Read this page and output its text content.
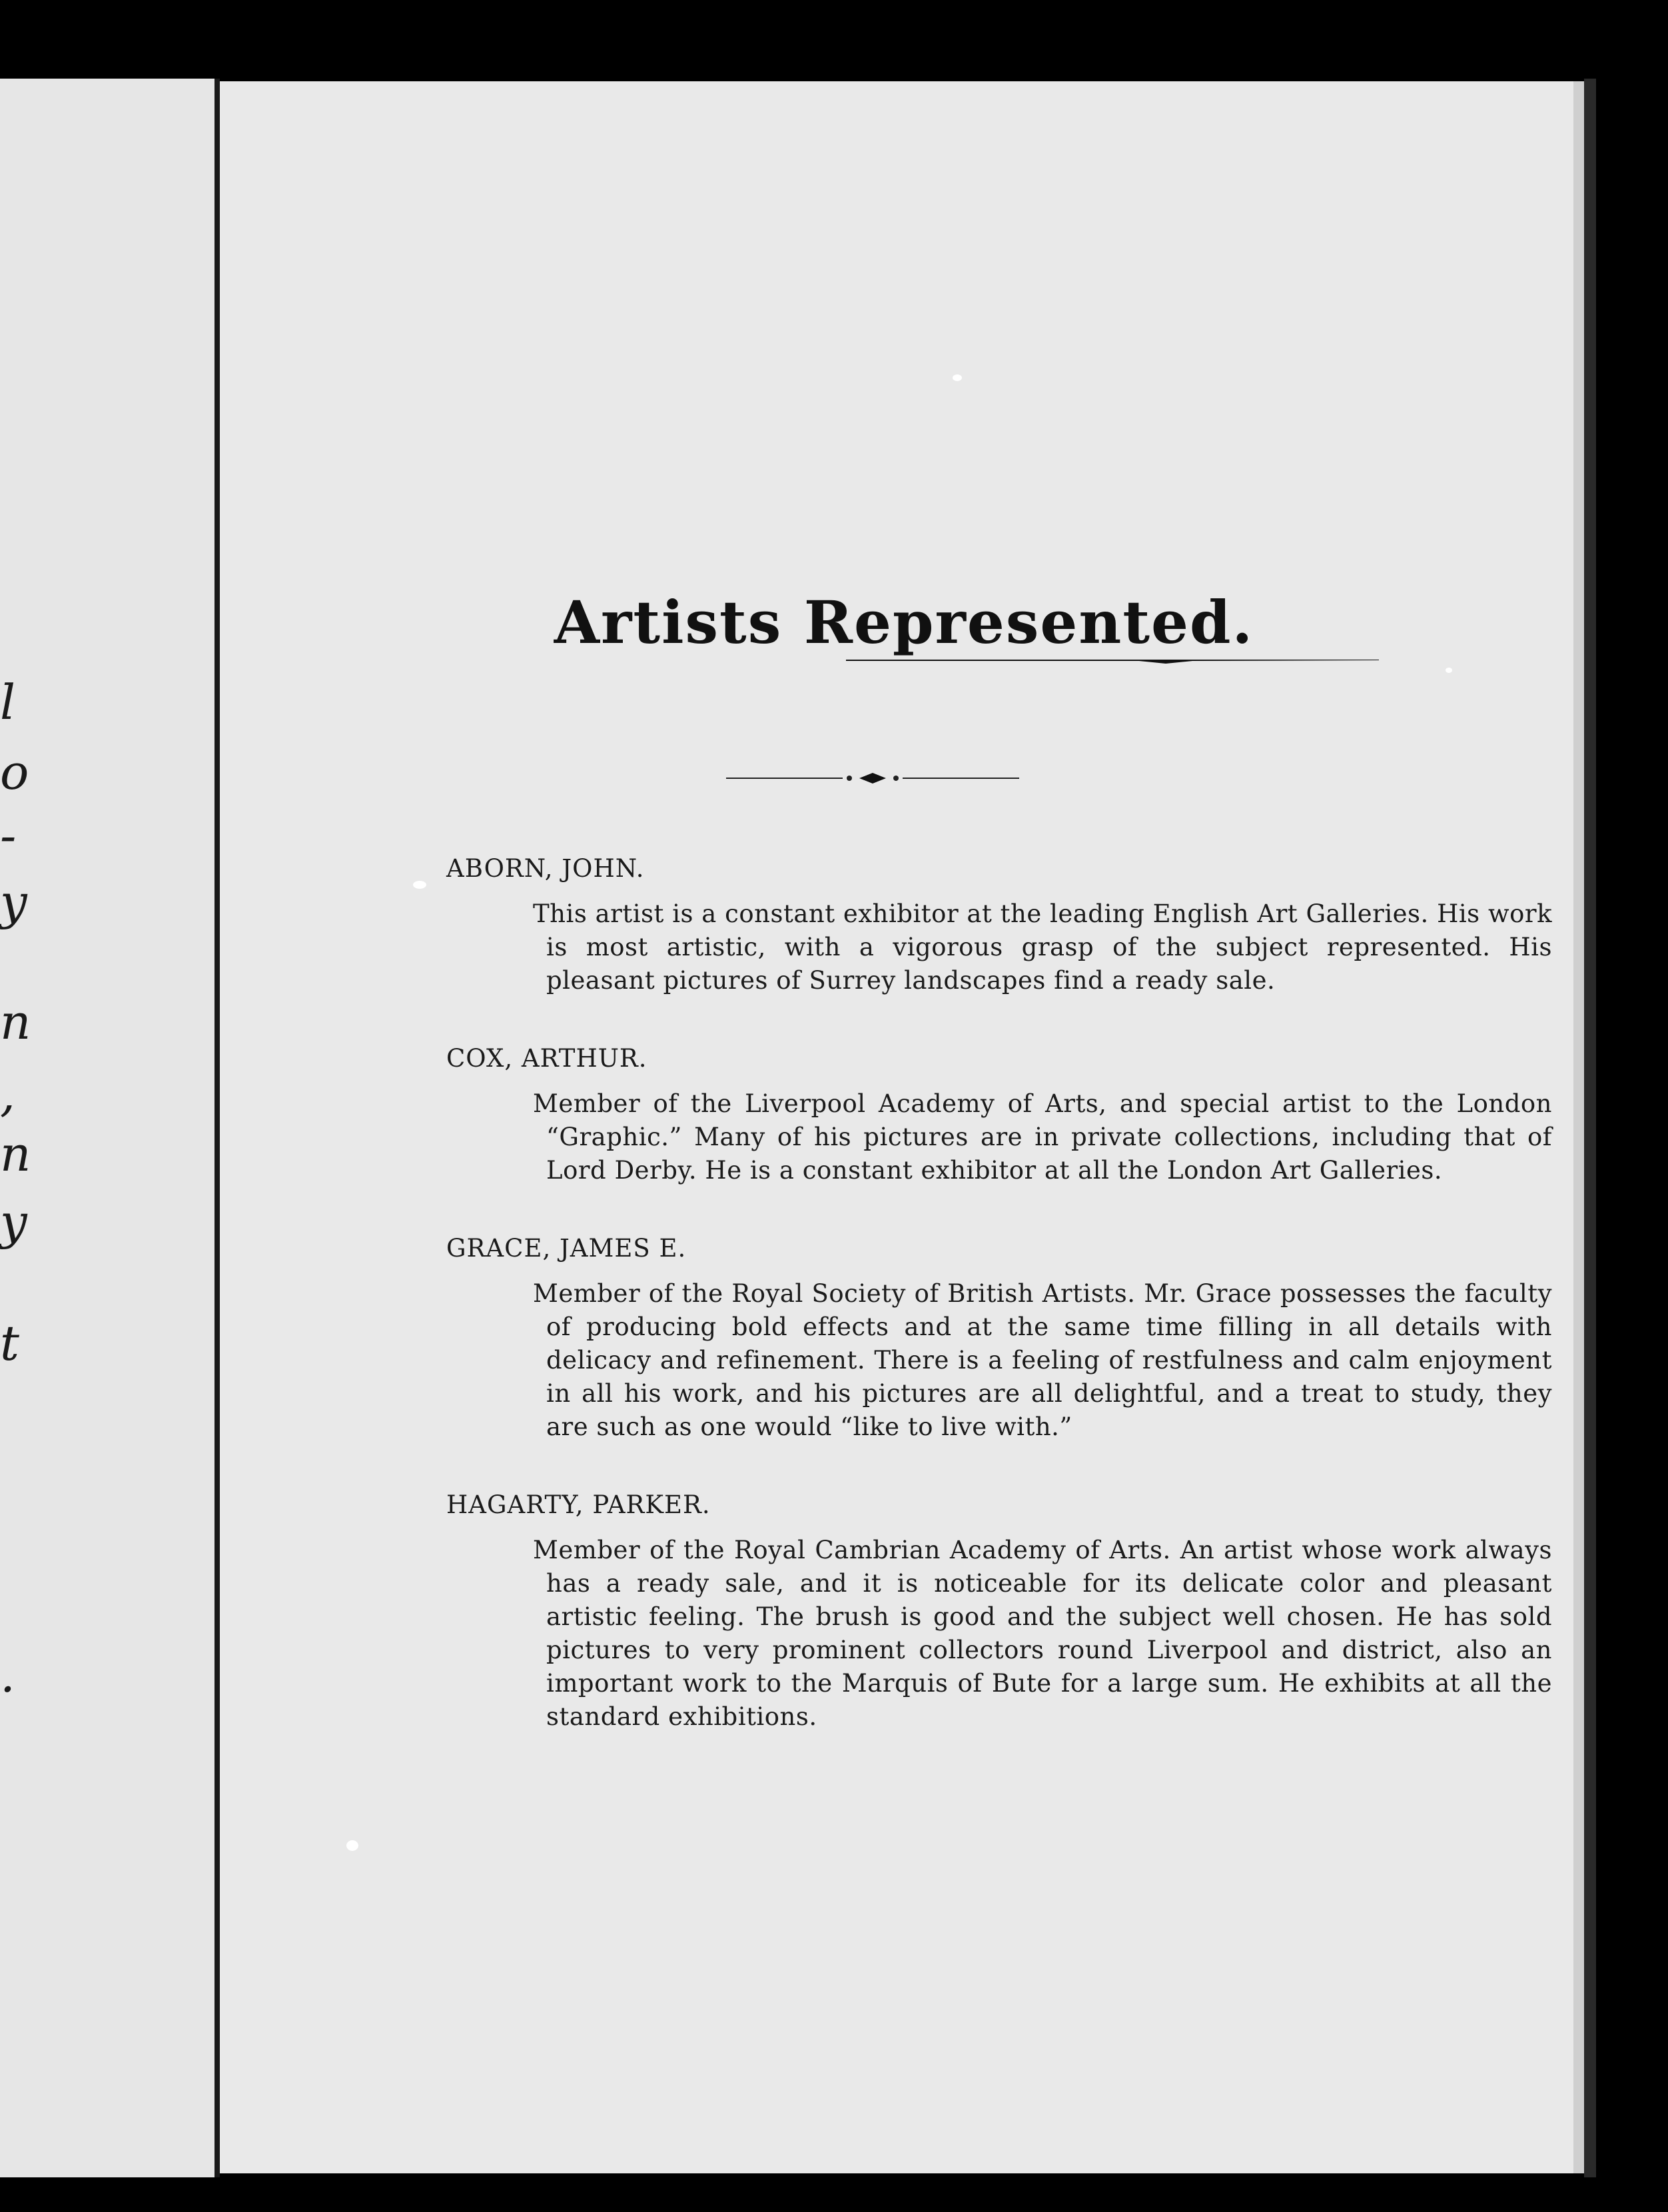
l
o
-
y
n
,
n
y
t
.
Artists Represented.

ABORN, JOHN.

This artist is a constant exhibitor at the leading English Art Galleries. His work is most artistic, with a vigorous grasp of the subject represented. His pleasant pictures of Surrey landscapes find a ready sale.

COX, ARTHUR.

Member of the Liverpool Academy of Arts, and special artist to the London “Graphic.” Many of his pictures are in private collections, including that of Lord Derby. He is a constant exhibitor at all the London Art Galleries.

GRACE, JAMES E.

Member of the Royal Society of British Artists. Mr. Grace possesses the faculty of producing bold effects and at the same time filling in all details with delicacy and refinement. There is a feeling of restfulness and calm enjoyment in all his work, and his pictures are all delightful, and a treat to study, they are such as one would “like to live with.”

HAGARTY, PARKER.

Member of the Royal Cambrian Academy of Arts. An artist whose work always has a ready sale, and it is noticeable for its delicate color and pleasant artistic feeling. The brush is good and the subject well chosen. He has sold pictures to very prominent collectors round Liverpool and district, also an important work to the Marquis of Bute for a large sum. He exhibits at all the standard exhibitions.
